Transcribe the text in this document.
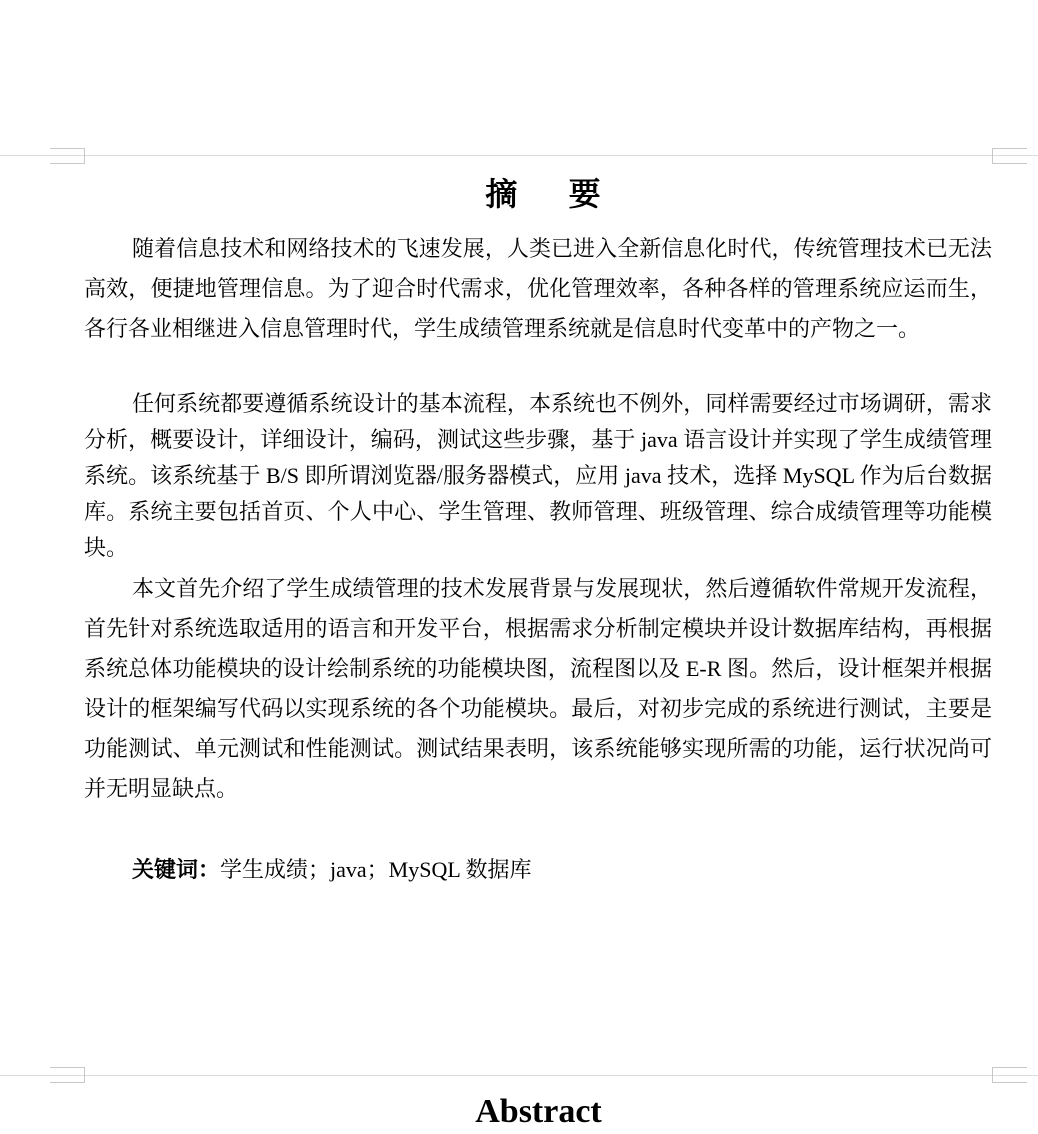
摘 要

随着信息技术和网络技术的飞速发展，人类已进入全新信息化时代，传统管理技术已无法高效，便捷地管理信息。为了迎合时代需求，优化管理效率，各种各样的管理系统应运而生，各行各业相继进入信息管理时代，学生成绩管理系统就是信息时代变革中的产物之一。

任何系统都要遵循系统设计的基本流程，本系统也不例外，同样需要经过市场调研，需求分析，概要设计，详细设计，编码，测试这些步骤，基于 java 语言设计并实现了学生成绩管理系统。该系统基于 B/S 即所谓浏览器/服务器模式，应用 java 技术，选择 MySQL 作为后台数据库。系统主要包括首页、个人中心、学生管理、教师管理、班级管理、综合成绩管理等功能模块。

本文首先介绍了学生成绩管理的技术发展背景与发展现状，然后遵循软件常规开发流程，首先针对系统选取适用的语言和开发平台，根据需求分析制定模块并设计数据库结构，再根据系统总体功能模块的设计绘制系统的功能模块图，流程图以及 E-R 图。然后，设计框架并根据设计的框架编写代码以实现系统的各个功能模块。最后，对初步完成的系统进行测试，主要是功能测试、单元测试和性能测试。测试结果表明，该系统能够实现所需的功能，运行状况尚可并无明显缺点。

关键词：学生成绩；java；MySQL 数据库
Abstract
